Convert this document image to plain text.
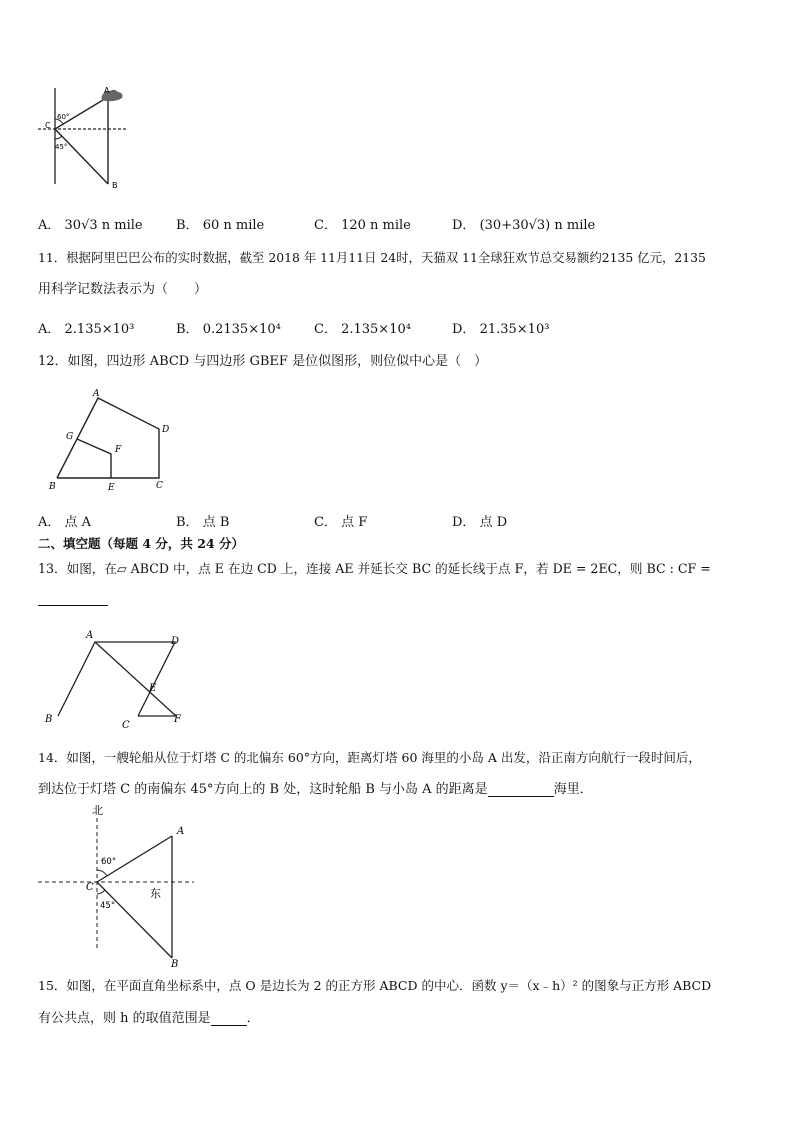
A
B
C
60°
45°
A． 30√3 n mile	B． 60 n mile	C． 120 n mile	D． (30+30√3) n mile
11．根据阿里巴巴公布的实时数据，截至 2018 年 11月11日 24时，天猫双 11全球狂欢节总交易额约2135 亿元，2135
用科学记数法表示为（　　）
A． 2.135×10³	B． 0.2135×10⁴	C． 2.135×10⁴	D． 21.35×10³
12．如图，四边形 ABCD 与四边形 GBEF 是位似图形，则位似中心是（　）
A
B	C
D
E
F
G
A． 点 A	B． 点 B	C． 点 F	D． 点 D
二、填空题（每题 4 分，共 24 分）
13．如图，在▱ ABCD 中，点 E 在边 CD 上，连接 AE 并延长交 BC 的延长线于点 F，若 DE = 2EC，则 BC : CF =
A
B
C
D
E
F
14．如图，一艘轮船从位于灯塔 C 的北偏东 60°方向，距离灯塔 60 海里的小岛 A 出发，沿正南方向航行一段时间后，
到达位于灯塔 C 的南偏东 45°方向上的 B 处，这时轮船 B 与小岛 A 的距离是	海里．
北
东
A
B
C
60°
45°
15．如图，在平面直角坐标系中，点 O 是边长为 2 的正方形 ABCD 的中心．函数 y＝（x﹣h）² 的图象与正方形 ABCD
有公共点，则 h 的取值范围是	．
